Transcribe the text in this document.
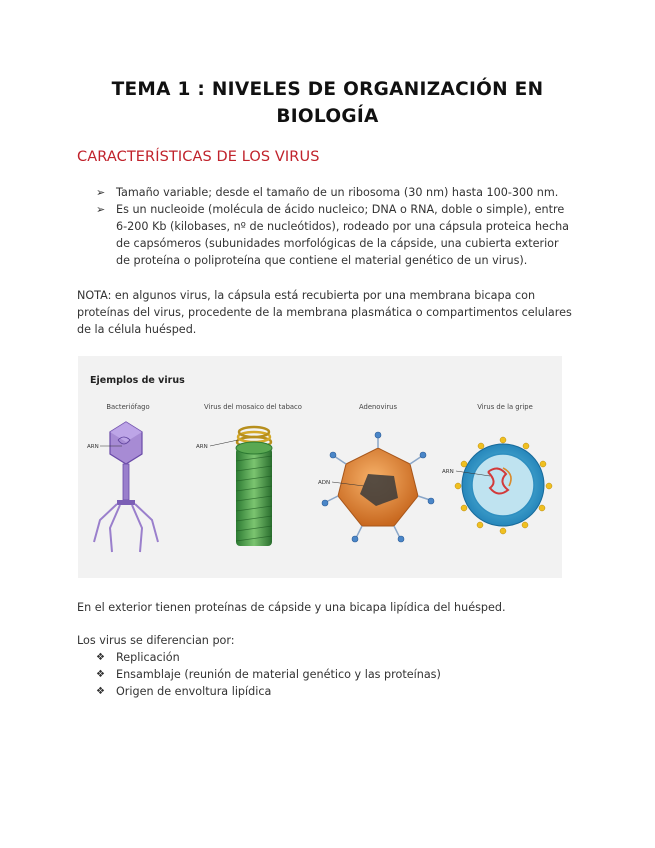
TEMA 1 : NIVELES DE ORGANIZACIÓN EN BIOLOGÍA
CARACTERÍSTICAS DE LOS VIRUS
➢ Tamaño variable; desde el tamaño de un ribosoma (30 nm) hasta 100-300 nm.
➢ Es un nucleoide (molécula de ácido nucleico; DNA o RNA, doble o simple), entre 6-200 Kb (kilobases, nº de nucleótidos), rodeado por una cápsula proteica hecha de capsómeros (subunidades morfológicas de la cápside, una cubierta exterior de proteína o poliproteína que contiene el material genético de un virus).

NOTA: en algunos virus, la cápsula está recubierta por una membrana bicapa con proteínas del virus, procedente de la membrana plasmática o compartimentos celulares de la célula huésped.

Ejemplos de virus
Bacteriófago	Virus del mosaico del tabaco	Adenovirus	Virus de la gripe
ARN	ARN
ADN
ARN

En el exterior tienen proteínas de cápside y una bicapa lipídica del huésped.

Los virus se diferencian por:

❖ Replicación
❖ Ensamblaje (reunión de material genético y las proteínas)
❖ Origen de envoltura lipídica
